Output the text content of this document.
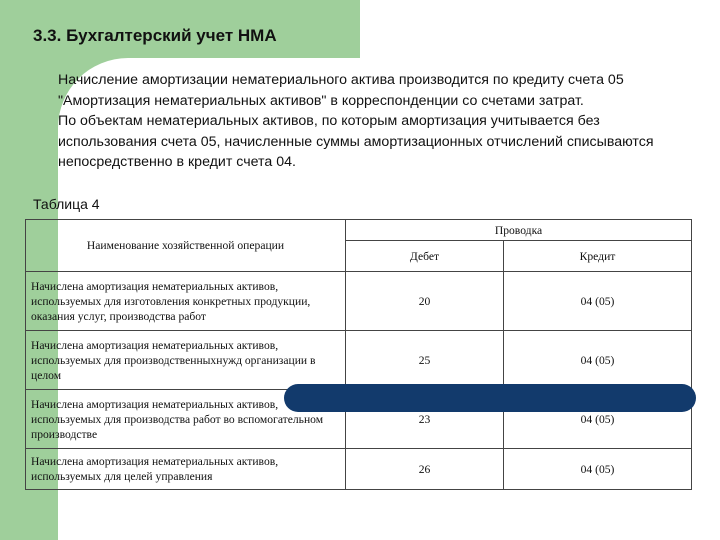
3.3. Бухгалтерский учет НМА

Начисление амортизации нематериального актива производится по кредиту счета 05 "Амортизация нематериальных активов" в корреспонденции со счетами затрат.

По объектам нематериальных активов, по которым амортизация учитывается без использования счета 05, начисленные суммы амортизационных отчислений списываются непосредственно в кредит счета 04.

Таблица 4

Наименование хозяйственной операции	Проводка	
	Дебет	Кредит
Начислена амортизация нематериальных активов, используемых для изготовления конкретных продукции, оказания услуг, производства работ	20	04 (05)
Начислена амортизация нематериальных активов, используемых для производственныхнужд организации в целом	25	04 (05)
Начислена амортизация нематериальных активов, используемых для производства работ во вспомогательном производстве	23	04 (05)
Начислена амортизация нематериальных активов, используемых для целей управления	26	04 (05)
